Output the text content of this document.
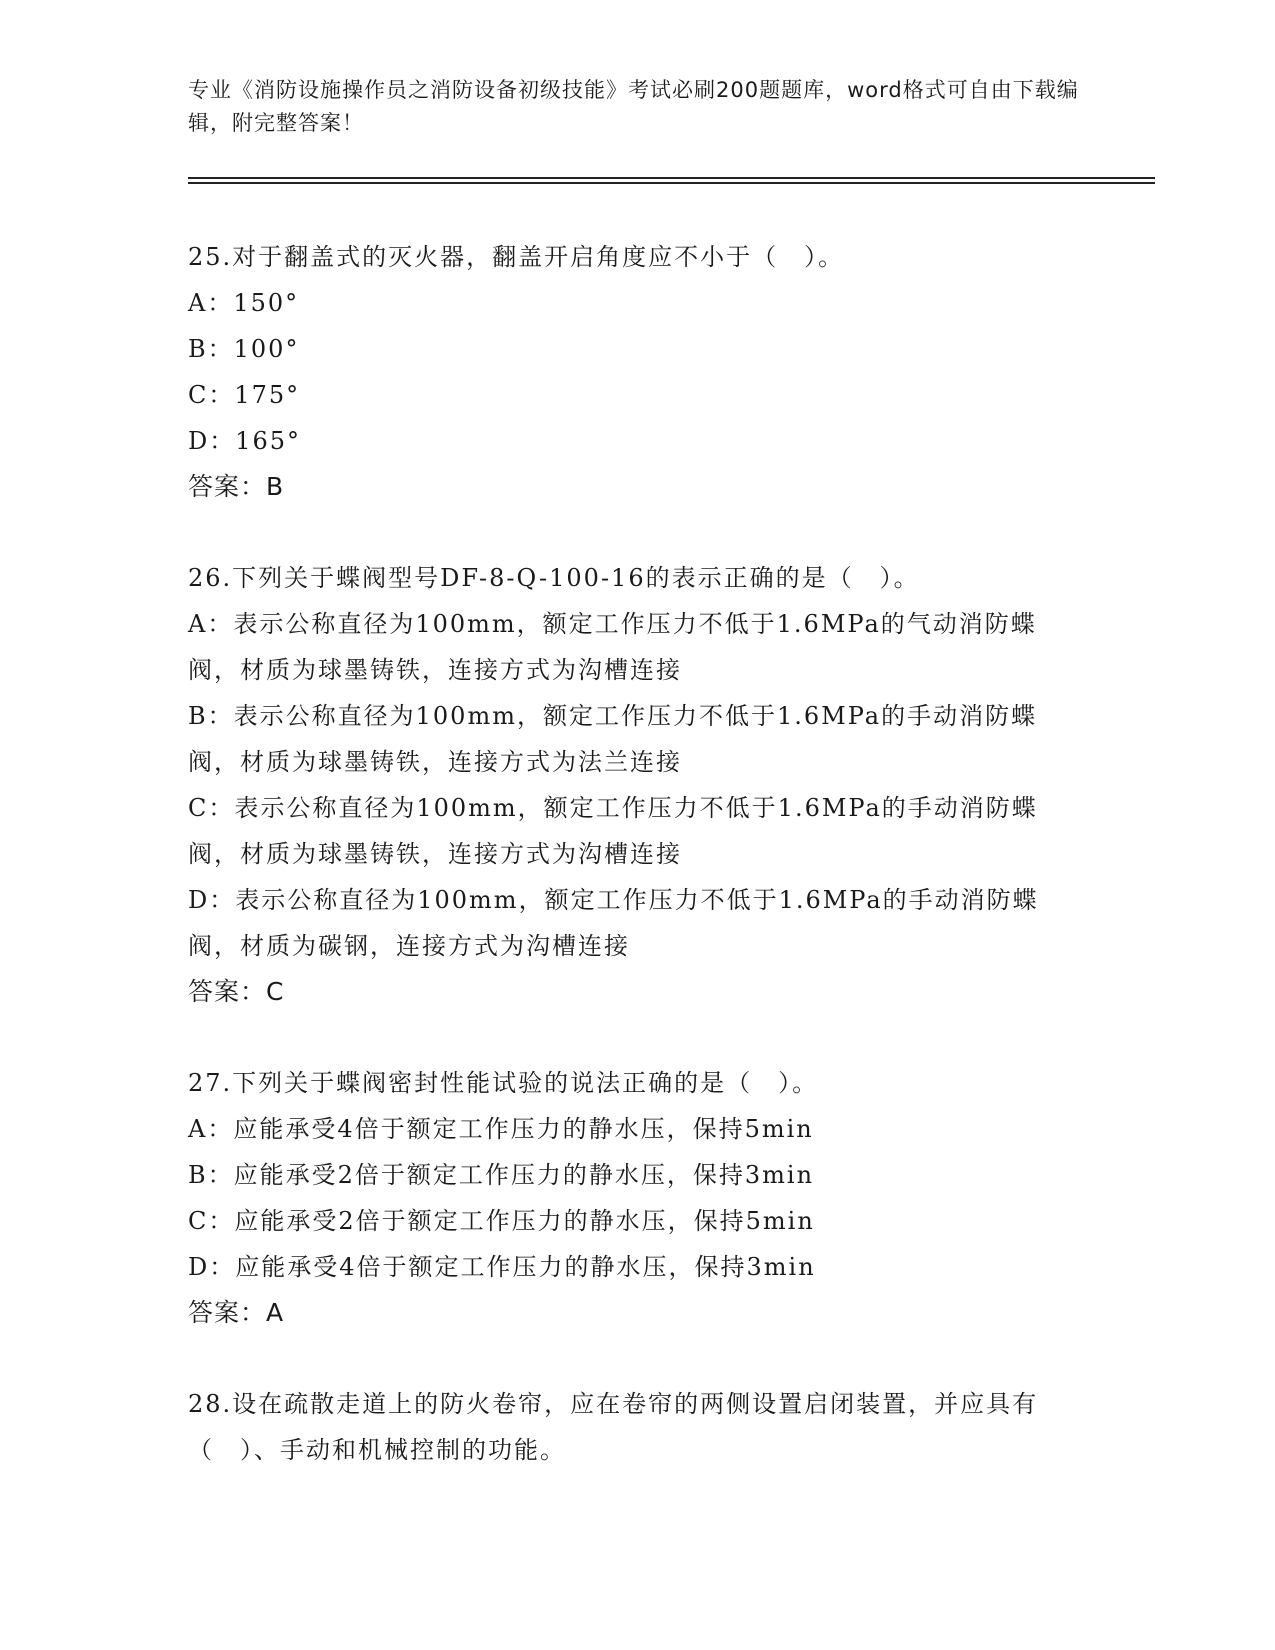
专业《消防设施操作员之消防设备初级技能》考试必刷200题题库，word格式可自由下载编辑，附完整答案！

25.对于翻盖式的灭火器，翻盖开启角度应不小于（　）。

A：150°

B：100°

C：175°

D：165°

答案：B

26.下列关于蝶阀型号DF-8-Q-100-16的表示正确的是（　）。

A：表示公称直径为100mm，额定工作压力不低于1.6MPa的气动消防蝶阀，材质为球墨铸铁，连接方式为沟槽连接

B：表示公称直径为100mm，额定工作压力不低于1.6MPa的手动消防蝶阀，材质为球墨铸铁，连接方式为法兰连接

C：表示公称直径为100mm，额定工作压力不低于1.6MPa的手动消防蝶阀，材质为球墨铸铁，连接方式为沟槽连接

D：表示公称直径为100mm，额定工作压力不低于1.6MPa的手动消防蝶阀，材质为碳钢，连接方式为沟槽连接

答案：C

27.下列关于蝶阀密封性能试验的说法正确的是（　）。

A：应能承受4倍于额定工作压力的静水压，保持5min

B：应能承受2倍于额定工作压力的静水压，保持3min

C：应能承受2倍于额定工作压力的静水压，保持5min

D：应能承受4倍于额定工作压力的静水压，保持3min

答案：A

28.设在疏散走道上的防火卷帘，应在卷帘的两侧设置启闭装置，并应具有（　）、手动和机械控制的功能。
